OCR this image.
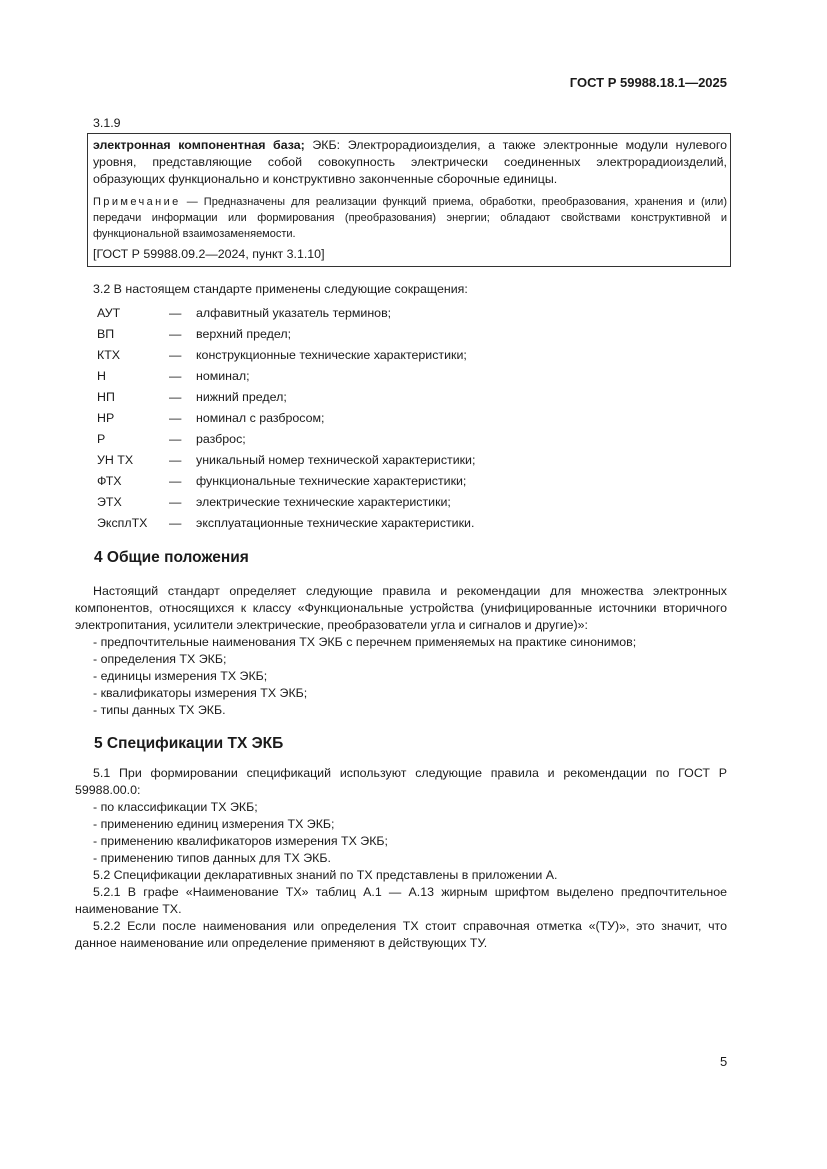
ГОСТ Р 59988.18.1—2025
3.1.9
электронная компонентная база; ЭКБ: Электрорадиоизделия, а также электронные модули нулевого уровня, представляющие собой совокупность электрически соединенных электрорадиоизделий, образующих функционально и конструктивно законченные сборочные единицы.
Примечание — Предназначены для реализации функций приема, обработки, преобразования, хранения и (или) передачи информации или формирования (преобразования) энергии; обладают свойствами конструктивной и функциональной взаимозаменяемости.
[ГОСТ Р 59988.09.2—2024, пункт 3.1.10]
3.2 В настоящем стандарте применены следующие сокращения:
АУТ	—	алфавитный указатель терминов;
ВП	—	верхний предел;
КТХ	—	конструкционные технические характеристики;
Н	—	номинал;
НП	—	нижний предел;
НР	—	номинал с разбросом;
Р	—	разброс;
УН ТХ	—	уникальный номер технической характеристики;
ФТХ	—	функциональные технические характеристики;
ЭТХ	—	электрические технические характеристики;
ЭксплТХ	—	эксплуатационные технические характеристики.
4 Общие положения
Настоящий стандарт определяет следующие правила и рекомендации для множества электронных компонентов, относящихся к классу «Функциональные устройства (унифицированные источники вторичного электропитания, усилители электрические, преобразователи угла и сигналов и другие)»:
- предпочтительные наименования ТХ ЭКБ с перечнем применяемых на практике синонимов;
- определения ТХ ЭКБ;
- единицы измерения ТХ ЭКБ;
- квалификаторы измерения ТХ ЭКБ;
- типы данных ТХ ЭКБ.
5 Спецификации ТХ ЭКБ
5.1 При формировании спецификаций используют следующие правила и рекомендации по ГОСТ Р 59988.00.0:
- по классификации ТХ ЭКБ;
- применению единиц измерения ТХ ЭКБ;
- применению квалификаторов измерения ТХ ЭКБ;
- применению типов данных для ТХ ЭКБ.
5.2 Спецификации декларативных знаний по ТХ представлены в приложении А.
5.2.1 В графе «Наименование ТХ» таблиц А.1 — А.13 жирным шрифтом выделено предпочтительное наименование ТХ.
5.2.2 Если после наименования или определения ТХ стоит справочная отметка «(ТУ)», это значит, что данное наименование или определение применяют в действующих ТУ.
5
